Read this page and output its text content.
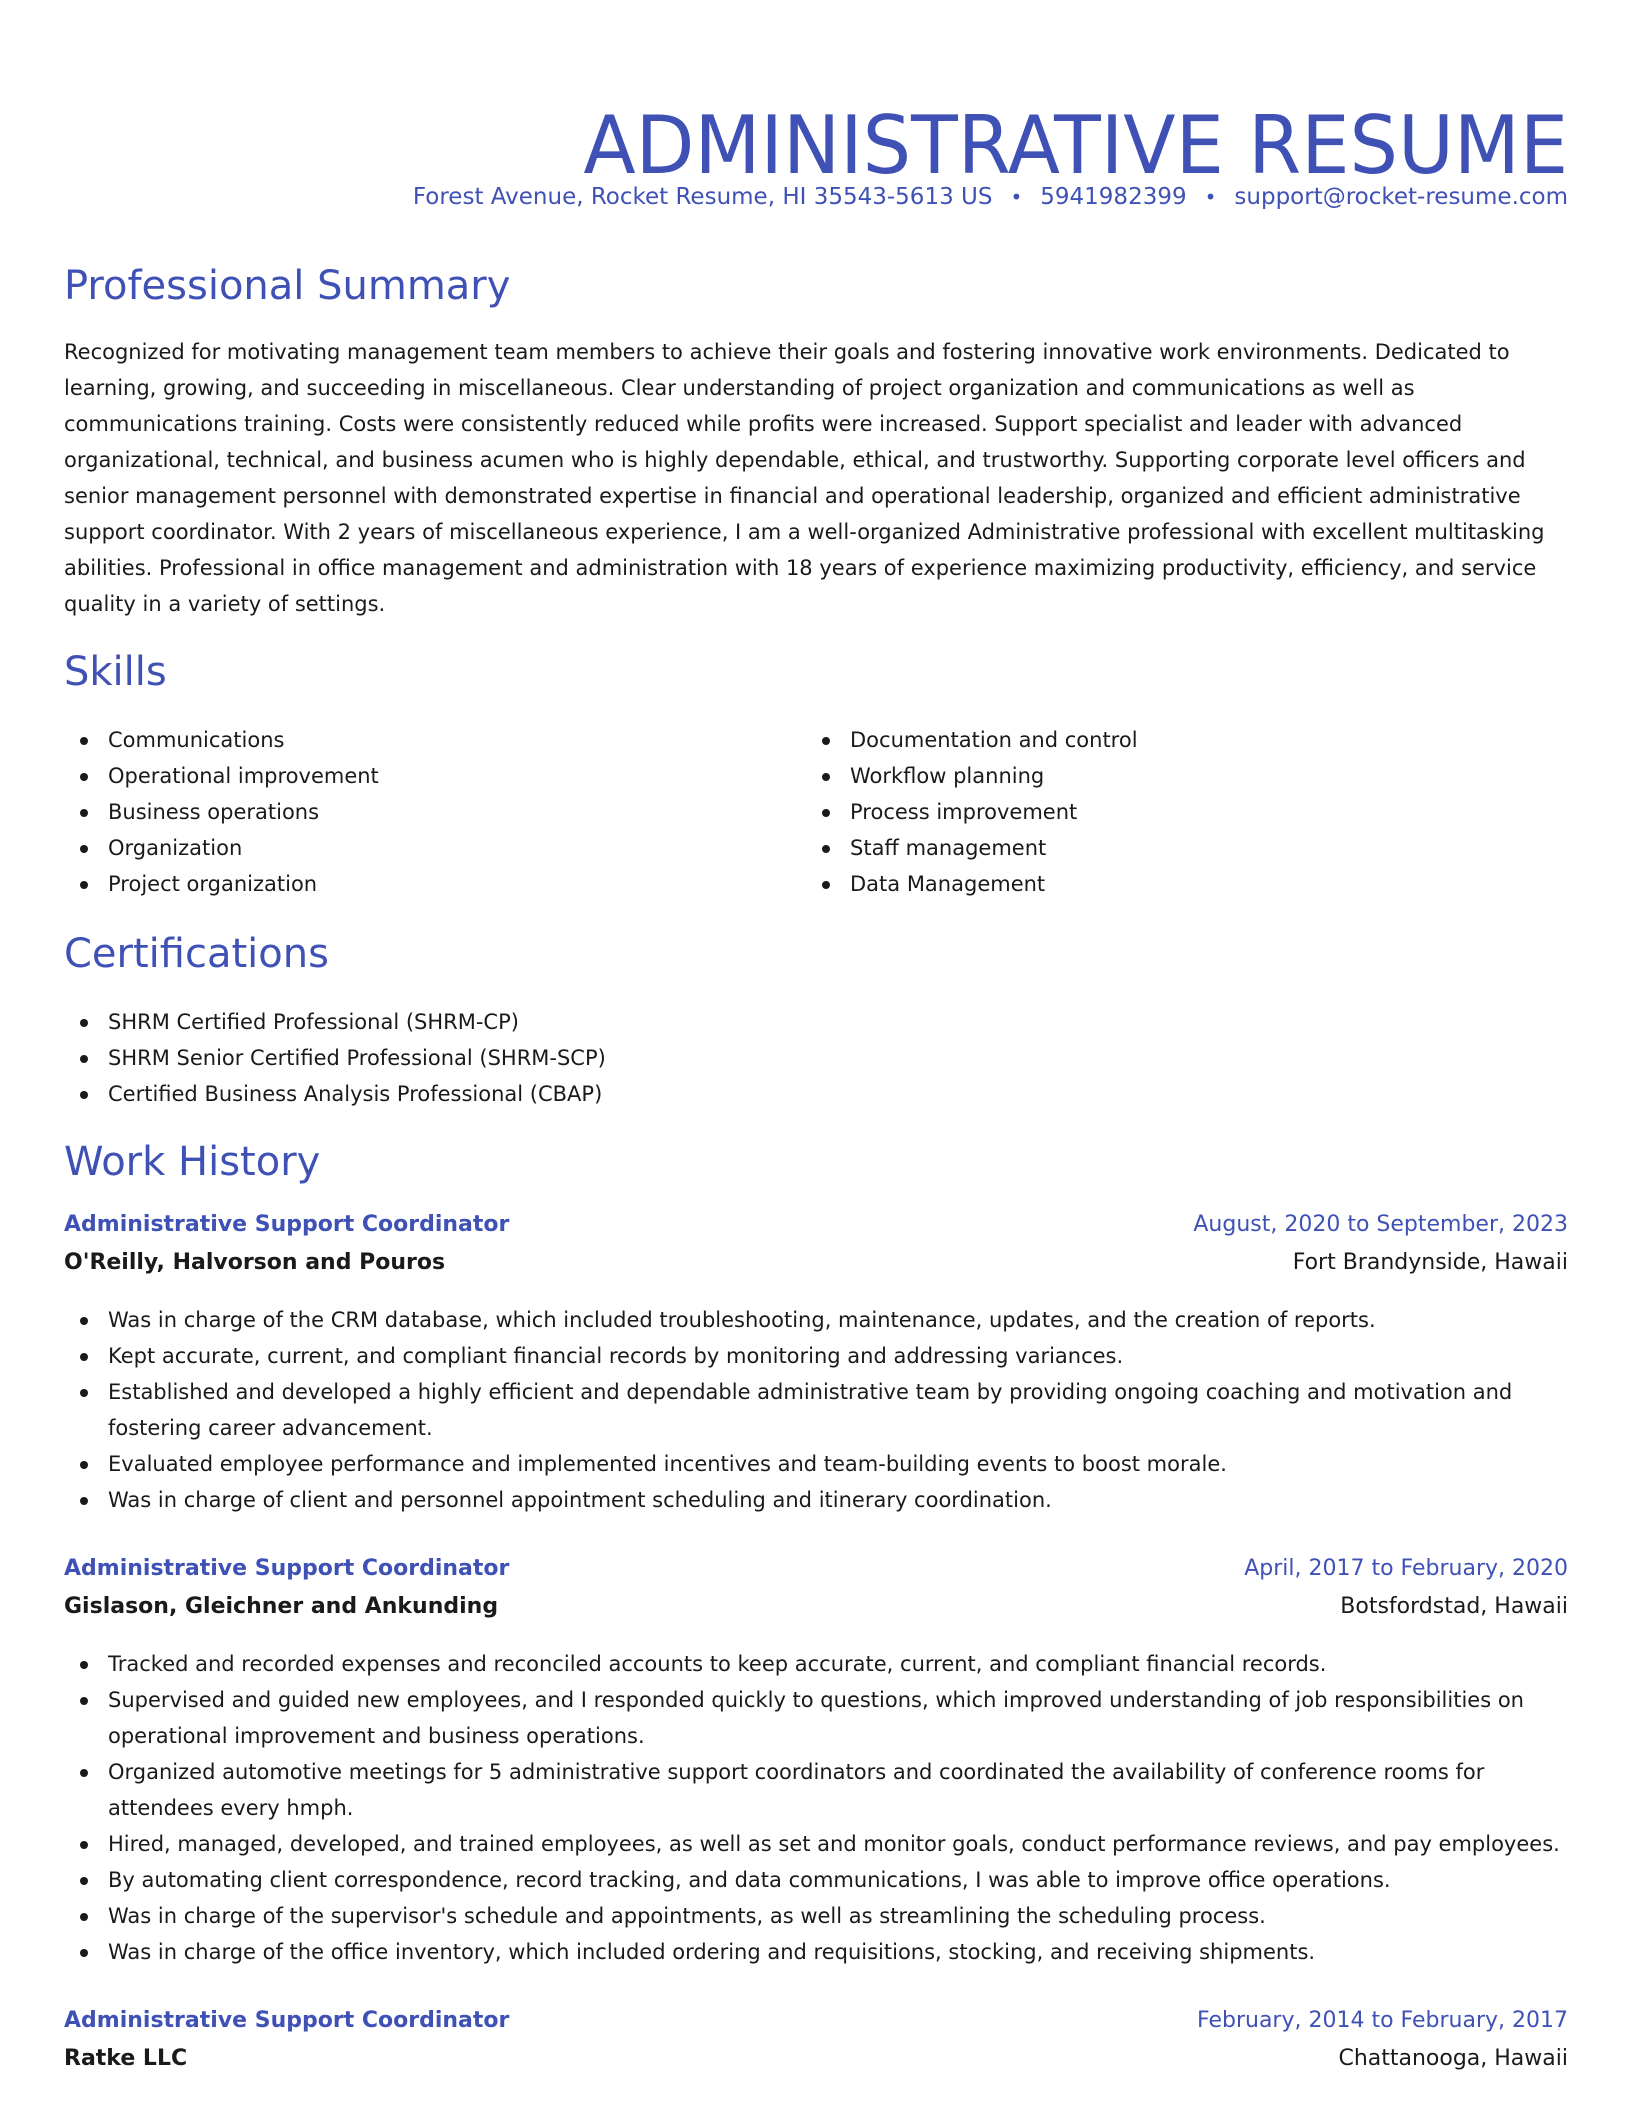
ADMINISTRATIVE RESUME
Forest Avenue, Rocket Resume, HI 35543-5613 US • 5941982399 • support@rocket-resume.com
Professional Summary

Recognized for motivating management team members to achieve their goals and fostering innovative work environments. Dedicated to learning, growing, and succeeding in miscellaneous. Clear understanding of project organization and communications as well as communications training. Costs were consistently reduced while profits were increased. Support specialist and leader with advanced organizational, technical, and business acumen who is highly dependable, ethical, and trustworthy. Supporting corporate level officers and senior management personnel with demonstrated expertise in financial and operational leadership, organized and efficient administrative support coordinator. With 2 years of miscellaneous experience, I am a well-organized Administrative professional with excellent multitasking abilities. Professional in office management and administration with 18 years of experience maximizing productivity, efficiency, and service quality in a variety of settings.

Skills
Communications
Operational improvement
Business operations
Organization
Project organization
Documentation and control
Workflow planning
Process improvement
Staff management
Data Management
Certifications
SHRM Certified Professional (SHRM-CP)
SHRM Senior Certified Professional (SHRM-SCP)
Certified Business Analysis Professional (CBAP)
Work History
Administrative Support Coordinator	August, 2020 to September, 2023
O'Reilly, Halvorson and Pouros	Fort Brandynside, Hawaii
Was in charge of the CRM database, which included troubleshooting, maintenance, updates, and the creation of reports.
Kept accurate, current, and compliant financial records by monitoring and addressing variances.
Established and developed a highly efficient and dependable administrative team by providing ongoing coaching and motivation and fostering career advancement.
Evaluated employee performance and implemented incentives and team-building events to boost morale.
Was in charge of client and personnel appointment scheduling and itinerary coordination.
Administrative Support Coordinator	April, 2017 to February, 2020
Gislason, Gleichner and Ankunding	Botsfordstad, Hawaii
Tracked and recorded expenses and reconciled accounts to keep accurate, current, and compliant financial records.
Supervised and guided new employees, and I responded quickly to questions, which improved understanding of job responsibilities on operational improvement and business operations.
Organized automotive meetings for 5 administrative support coordinators and coordinated the availability of conference rooms for attendees every hmph.
Hired, managed, developed, and trained employees, as well as set and monitor goals, conduct performance reviews, and pay employees.
By automating client correspondence, record tracking, and data communications, I was able to improve office operations.
Was in charge of the supervisor's schedule and appointments, as well as streamlining the scheduling process.
Was in charge of the office inventory, which included ordering and requisitions, stocking, and receiving shipments.
Administrative Support Coordinator	February, 2014 to February, 2017
Ratke LLC	Chattanooga, Hawaii
